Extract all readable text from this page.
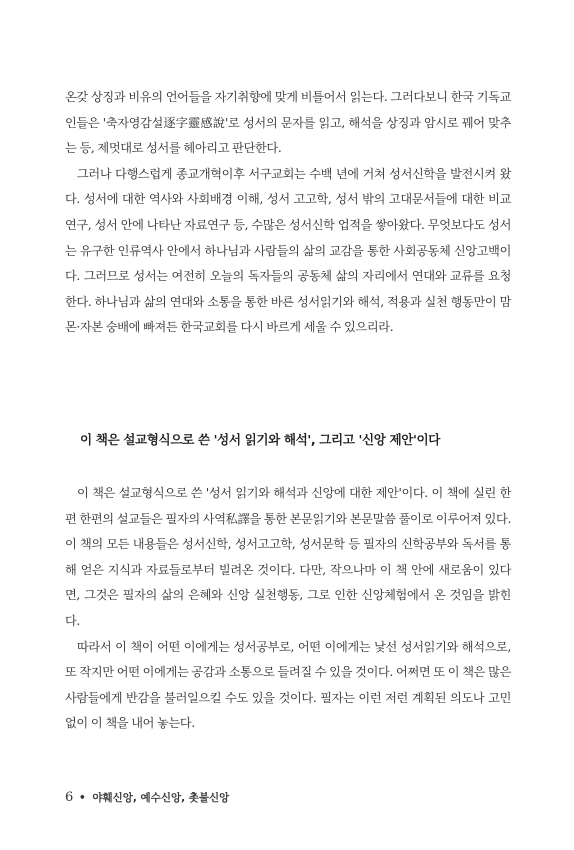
온갖 상징과 비유의 언어들을 자기취향에 맞게 비틀어서 읽는다. 그러다보니 한국 기독교인들은 '축자영감설逐字靈感說'로 성서의 문자를 읽고, 해석을 상징과 암시로 꿰어 맞추는 등, 제멋대로 성서를 헤아리고 판단한다.

그러나 다행스럽게 종교개혁이후 서구교회는 수백 년에 거쳐 성서신학을 발전시켜 왔다. 성서에 대한 역사와 사회배경 이해, 성서 고고학, 성서 밖의 고대문서들에 대한 비교연구, 성서 안에 나타난 자료연구 등, 수많은 성서신학 업적을 쌓아왔다. 무엇보다도 성서는 유구한 인류역사 안에서 하나님과 사람들의 삶의 교감을 통한 사회공동체 신앙고백이다. 그러므로 성서는 여전히 오늘의 독자들의 공동체 삶의 자리에서 연대와 교류를 요청한다. 하나님과 삶의 연대와 소통을 통한 바른 성서읽기와 해석, 적용과 실천 행동만이 맘몬·자본 숭배에 빠져든 한국교회를 다시 바르게 세울 수 있으리라.

이 책은 설교형식으로 쓴 '성서 읽기와 해석', 그리고 '신앙 제안'이다

이 책은 설교형식으로 쓴 '성서 읽기와 해석과 신앙에 대한 제안'이다. 이 책에 실린 한편 한편의 설교들은 필자의 사역私譯을 통한 본문읽기와 본문말씀 풀이로 이루어져 있다. 이 책의 모든 내용들은 성서신학, 성서고고학, 성서문학 등 필자의 신학공부와 독서를 통해 얻은 지식과 자료들로부터 빌려온 것이다. 다만, 작으나마 이 책 안에 새로움이 있다면, 그것은 필자의 삶의 은혜와 신앙 실천행동, 그로 인한 신앙체험에서 온 것임을 밝힌다.

따라서 이 책이 어떤 이에게는 성서공부로, 어떤 이에게는 낯선 성서읽기와 해석으로, 또 작지만 어떤 이에게는 공감과 소통으로 들려질 수 있을 것이다. 어쩌면 또 이 책은 많은 사람들에게 반감을 불러일으킬 수도 있을 것이다. 필자는 이런 저런 계획된 의도나 고민 없이 이 책을 내어 놓는다.

6 • 야훼신앙, 예수신앙, 촛불신앙
